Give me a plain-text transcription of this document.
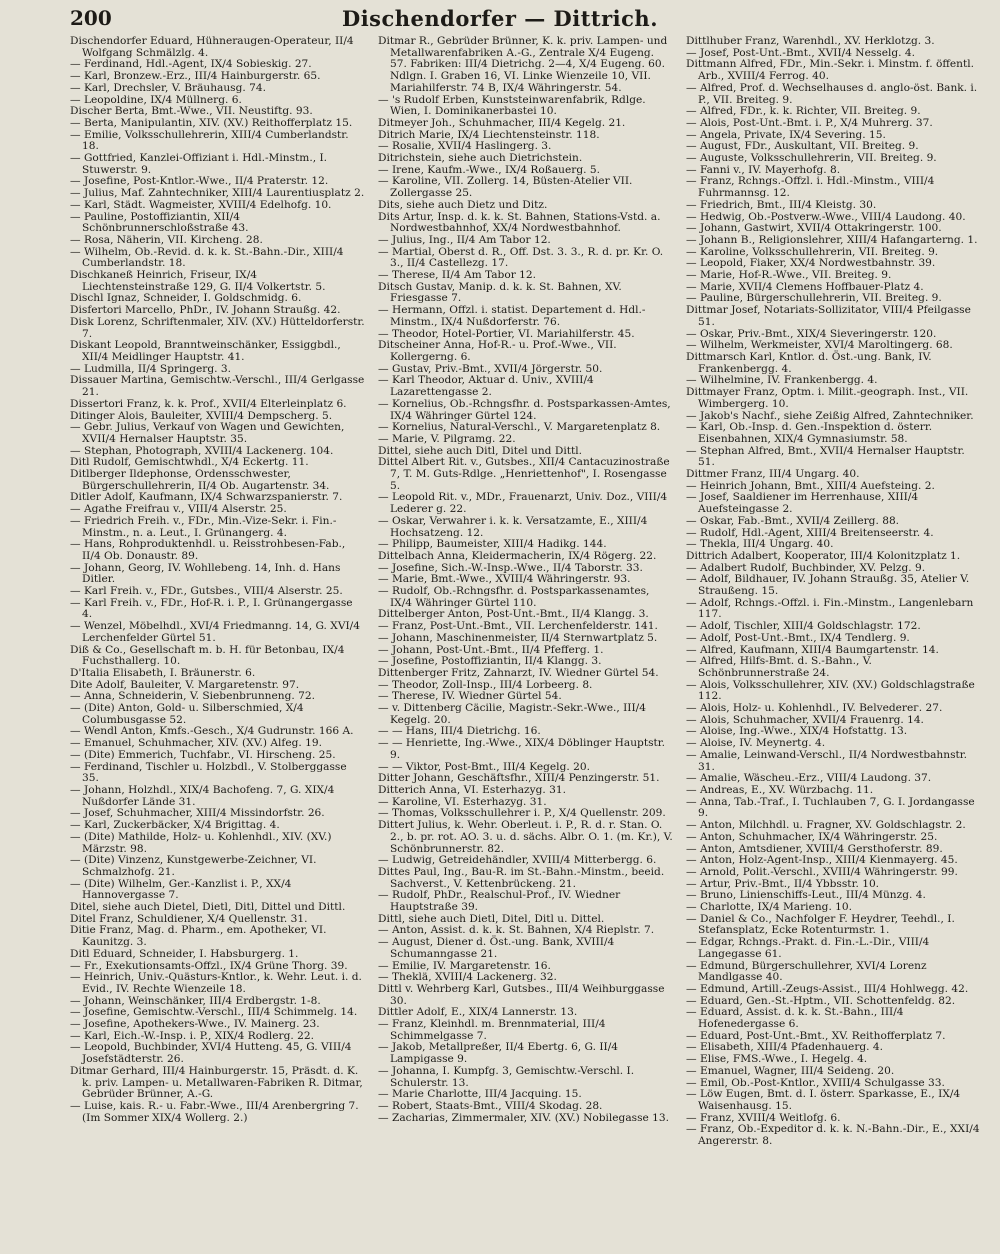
200	Dischendorfer — Dittrich.

Dischendorfer Eduard, Hühneraugen-Operateur, II/4 Wolfgang Schmälzlg. 4.

— Ferdinand, Hdl.-Agent, IX/4 Sobieskig. 27.

— Karl, Bronzew.-Erz., III/4 Hainburgerstr. 65.

— Karl, Drechsler, V. Bräuhausg. 74.

— Leopoldine, IX/4 Müllnerg. 6.

Discher Berta, Bmt.-Wwe., VII. Neustiftg. 93.

— Berta, Manipulantin, XIV. (XV.) Reithofferplatz 15.

— Emilie, Volksschullehrerin, XIII/4 Cumberlandstr. 18.

— Gottfried, Kanzlei-Offiziant i. Hdl.-Minstm., I. Stuwerstr. 9.

— Josefine, Post-Kntlor.-Wwe., II/4 Praterstr. 12.

— Julius, Maf. Zahntechniker, XIII/4 Laurentiusplatz 2.

— Karl, Städt. Wagmeister, XVIII/4 Edelhofg. 10.

— Pauline, Postoffiziantin, XII/4 Schönbrunnerschloßstraße 43.

— Rosa, Näherin, VII. Kircheng. 28.

— Wilhelm, Ob.-Revid. d. k. k. St.-Bahn.-Dir., XIII/4 Cumberlandstr. 18.

Dischkaneß Heinrich, Friseur, IX/4 Liechtensteinstraße 129, G. II/4 Volkertstr. 5.

Dischl Ignaz, Schneider, I. Goldschmidg. 6.

Disfertori Marcello, PhDr., IV. Johann Straußg. 42.

Disk Lorenz, Schriftenmaler, XIV. (XV.) Hütteldorferstr. 7.

Diskant Leopold, Branntweinschänker, Essiggbdl., XII/4 Meidlinger Hauptstr. 41.

— Ludmilla, II/4 Springerg. 3.

Dissauer Martina, Gemischtw.-Verschl., III/4 Gerlgasse 21.

Dissertori Franz, k. k. Prof., XVII/4 Elterleinplatz 6.

Ditinger Alois, Bauleiter, XVIII/4 Dempscherg. 5.

— Gebr. Julius, Verkauf von Wagen und Gewichten, XVII/4 Hernalser Hauptstr. 35.

— Stephan, Photograph, XVIII/4 Lackenerg. 104.

Ditl Rudolf, Gemischtwhdl., X/4 Eckertg. 11.

Ditlberger Ildephonse, Ordensschwester, Bürgerschullehrerin, II/4 Ob. Augartenstr. 34.

Ditler Adolf, Kaufmann, IX/4 Schwarzspanierstr. 7.

— Agathe Freifrau v., VIII/4 Alserstr. 25.

— Friedrich Freih. v., FDr., Min.-Vize-Sekr. i. Fin.-Minstm., n. a. Leut., I. Grünangerg. 4.

— Hans, Rohproduktenhdl. u. Reisstrohbesen-Fab., II/4 Ob. Donaustr. 89.

— Johann, Georg, IV. Wohllebeng. 14, Inh. d. Hans Ditler.

— Karl Freih. v., FDr., Gutsbes., VIII/4 Alserstr. 25.

— Karl Freih. v., FDr., Hof-R. i. P., I. Grünangergasse 4.

— Wenzel, Möbelhdl., XVI/4 Friedmanng. 14, G. XVI/4 Lerchenfelder Gürtel 51.

Diß & Co., Gesellschaft m. b. H. für Betonbau, IX/4 Fuchsthallerg. 10.

D'Italia Elisabeth, I. Bräunerstr. 6.

Dite Adolf, Bauleiter, V. Margaretenstr. 97.

— Anna, Schneiderin, V. Siebenbrunneng. 72.

— (Dite) Anton, Gold- u. Silberschmied, X/4 Columbusgasse 52.

— Wendl Anton, Kmfs.-Gesch., X/4 Gudrunstr. 166 A.

— Emanuel, Schuhmacher, XIV. (XV.) Alfeg. 19.

— (Dite) Emmerich, Tuchfabr., VI. Hirscheng. 25.

— Ferdinand, Tischler u. Holzbdl., V. Stolberggasse 35.

— Johann, Holzhdl., XIX/4 Bachofeng. 7, G. XIX/4 Nußdorfer Lände 31.

— Josef, Schuhmacher, XIII/4 Missindorfstr. 26.

— Karl, Zuckerbäcker, X/4 Brigittag. 4.

— (Dite) Mathilde, Holz- u. Kohlenhdl., XIV. (XV.) Märzstr. 98.

— (Dite) Vinzenz, Kunstgewerbe-Zeichner, VI. Schmalzhofg. 21.

— (Dite) Wilhelm, Ger.-Kanzlist i. P., XX/4 Hannovergasse 7.

Ditel, siehe auch Dietel, Dietl, Ditl, Dittel und Dittl.

Ditel Franz, Schuldiener, X/4 Quellenstr. 31.

Ditie Franz, Mag. d. Pharm., em. Apotheker, VI. Kaunitzg. 3.

Ditl Eduard, Schneider, I. Habsburgerg. 1.

— Fr., Exekutionsamts-Offzl., IX/4 Grüne Thorg. 39.

— Heinrich, Univ.-Quästurs-Kntlor., k. Wehr. Leut. i. d. Evid., IV. Rechte Wienzeile 18.

— Johann, Weinschänker, III/4 Erdbergstr. 1-8.

— Josefine, Gemischtw.-Verschl., III/4 Schimmelg. 14.

— Josefine, Apothekers-Wwe., IV. Mainerg. 23.

— Karl, Eich.-W.-Insp. i. P., XIX/4 Rodlerg. 22.

— Leopold, Buchbinder, XVI/4 Hutteng. 45, G. VIII/4 Josefstädterstr. 26.

Ditmar Gerhard, III/4 Hainburgerstr. 15, Präsdt. d. K. k. priv. Lampen- u. Metallwaren-Fabriken R. Ditmar, Gebrüder Brünner, A.-G.

— Luise, kais. R.- u. Fabr.-Wwe., III/4 Arenbergring 7. (Im Sommer XIX/4 Wollerg. 2.)

Ditmar R., Gebrüder Brünner, K. k. priv. Lampen- und Metallwarenfabriken A.-G., Zentrale X/4 Eugeng. 57. Fabriken: III/4 Dietrichg. 2—4, X/4 Eugeng. 60. Ndlgn. I. Graben 16, VI. Linke Wienzeile 10, VII. Mariahilferstr. 74 B, IX/4 Währingerstr. 54.

— 's Rudolf Erben, Kunststeinwarenfabrik, Rdlge. Wien, I. Dominikanerbastei 10.

Ditmeyer Joh., Schuhmacher, III/4 Kegelg. 21.

Ditrich Marie, IX/4 Liechtensteinstr. 118.

— Rosalie, XVII/4 Haslingerg. 3.

Ditrichstein, siehe auch Dietrichstein.

— Irene, Kaufm.-Wwe., IX/4 Roßauerg. 5.

— Karoline, VII. Zollerg. 14, Büsten-Atelier VII. Zollergasse 25.

Dits, siehe auch Dietz und Ditz.

Dits Artur, Insp. d. k. k. St. Bahnen, Stations-Vstd. a. Nordwestbahnhof, XX/4 Nordwestbahnhof.

— Julius, Ing., II/4 Am Tabor 12.

— Martial, Oberst d. R., Off. Dst. 3. 3., R. d. pr. Kr. O. 3., II/4 Castellezg. 17.

— Therese, II/4 Am Tabor 12.

Ditsch Gustav, Manip. d. k. k. St. Bahnen, XV. Friesgasse 7.

— Hermann, Offzl. i. statist. Departement d. Hdl.-Minstm., IX/4 Nußdorferstr. 76.

— Theodor, Hotel-Portier, VI. Mariahilferstr. 45.

Ditscheiner Anna, Hof-R.- u. Prof.-Wwe., VII. Kollergerng. 6.

— Gustav, Priv.-Bmt., XVII/4 Jörgerstr. 50.

— Karl Theodor, Aktuar d. Univ., XVIII/4 Lazarettengasse 2.

— Kornelius, Ob.-Rchngsfhr. d. Postsparkassen-Amtes, IX/4 Währinger Gürtel 124.

— Kornelius, Natural-Verschl., V. Margaretenplatz 8.

— Marie, V. Pilgramg. 22.

Dittel, siehe auch Ditl, Ditel und Dittl.

Dittel Albert Rit. v., Gutsbes., XII/4 Cantacuzinostraße 7, T. M. Guts-Rdlge. „Henriettenhof", I. Rosengasse 5.

— Leopold Rit. v., MDr., Frauenarzt, Univ. Doz., VIII/4 Lederer g. 22.

— Oskar, Verwahrer i. k. k. Versatzamte, E., XIII/4 Hochsatzeng. 12.

— Philipp, Baumeister, XIII/4 Hadikg. 144.

Dittelbach Anna, Kleidermacherin, IX/4 Rögerg. 22.

— Josefine, Sich.-W.-Insp.-Wwe., II/4 Taborstr. 33.

— Marie, Bmt.-Wwe., XVIII/4 Währingerstr. 93.

— Rudolf, Ob.-Rchngsfhr. d. Postsparkassenamtes, IX/4 Währinger Gürtel 110.

Dittelberger Anton, Post-Unt.-Bmt., II/4 Klangg. 3.

— Franz, Post-Unt.-Bmt., VII. Lerchenfelderstr. 141.

— Johann, Maschinenmeister, II/4 Sternwartplatz 5.

— Johann, Post-Unt.-Bmt., II/4 Pfefferg. 1.

— Josefine, Postoffiziantin, II/4 Klangg. 3.

Dittenberger Fritz, Zahnarzt, IV. Wiedner Gürtel 54.

— Theodor, Zoll-Insp., III/4 Lorbeerg. 8.

— Therese, IV. Wiedner Gürtel 54.

— v. Dittenberg Cäcilie, Magistr.-Sekr.-Wwe., III/4 Kegelg. 20.

— — Hans, III/4 Dietrichg. 16.

— — Henriette, Ing.-Wwe., XIX/4 Döblinger Hauptstr. 9.

— — Viktor, Post-Bmt., III/4 Kegelg. 20.

Ditter Johann, Geschäftsfhr., XIII/4 Penzingerstr. 51.

Ditterich Anna, VI. Esterhazyg. 31.

— Karoline, VI. Esterhazyg. 31.

— Thomas, Volksschullehrer i. P., X/4 Quellenstr. 209.

Dittert Julius, k. Wehr. Oberleut. i. P., R. d. r. Stan. O. 2., b. pr. rot. AO. 3. u. d. sächs. Albr. O. 1. (m. Kr.), V. Schönbrunnerstr. 82.

— Ludwig, Getreidehändler, XVIII/4 Mitterbergg. 6.

Dittes Paul, Ing., Bau-R. im St.-Bahn.-Minstm., beeid. Sachverst., V. Kettenbrückeng. 21.

— Rudolf, PhDr., Realschul-Prof., IV. Wiedner Hauptstraße 39.

Dittl, siehe auch Dietl, Ditel, Ditl u. Dittel.

— Anton, Assist. d. k. k. St. Bahnen, X/4 Rieplstr. 7.

— August, Diener d. Öst.-ung. Bank, XVIII/4 Schumanngasse 21.

— Emilie, IV. Margaretenstr. 16.

— Theklä, XVIII/4 Lackenerg. 32.

Dittl v. Wehrberg Karl, Gutsbes., III/4 Weihburggasse 30.

Dittler Adolf, E., XIX/4 Lannerstr. 13.

— Franz, Kleinhdl. m. Brennmaterial, III/4 Schimmelgasse 7.

— Jakob, Metallpreßer, II/4 Ebertg. 6, G. II/4 Lampigasse 9.

— Johanna, I. Kumpfg. 3, Gemischtw.-Verschl. I. Schulerstr. 13.

— Marie Charlotte, III/4 Jacquing. 15.

— Robert, Staats-Bmt., VIII/4 Skodag. 28.

— Zacharias, Zimmermaler, XIV. (XV.) Nobilegasse 13.

Dittlhuber Franz, Warenhdl., XV. Herklotzg. 3.

— Josef, Post-Unt.-Bmt., XVII/4 Nesselg. 4.

Dittmann Alfred, FDr., Min.-Sekr. i. Minstm. f. öffentl. Arb., XVIII/4 Ferrog. 40.

— Alfred, Prof. d. Wechselhauses d. anglo-öst. Bank. i. P., VII. Breiteg. 9.

— Alfred, FDr., k. k. Richter, VII. Breiteg. 9.

— Alois, Post-Unt.-Bmt. i. P., X/4 Muhrerg. 37.

— Angela, Private, IX/4 Severing. 15.

— August, FDr., Auskultant, VII. Breiteg. 9.

— Auguste, Volksschullehrerin, VII. Breiteg. 9.

— Fanni v., IV. Mayerhofg. 8.

— Franz, Rchngs.-Offzl. i. Hdl.-Minstm., VIII/4 Fuhrmannsg. 12.

— Friedrich, Bmt., III/4 Kleistg. 30.

— Hedwig, Ob.-Postverw.-Wwe., VIII/4 Laudong. 40.

— Johann, Gastwirt, XVII/4 Ottakringerstr. 100.

— Johann B., Religionslehrer, XIII/4 Hafangarterng. 1.

— Karoline, Volksschullehrerin, VII. Breiteg. 9.

— Leopold, Fiaker, XX/4 Nordwestbahnstr. 39.

— Marie, Hof-R.-Wwe., VII. Breiteg. 9.

— Marie, XVII/4 Clemens Hoffbauer-Platz 4.

— Pauline, Bürgerschullehrerin, VII. Breiteg. 9.

Dittmar Josef, Notariats-Sollizitator, VIII/4 Pfeilgasse 51.

— Oskar, Priv.-Bmt., XIX/4 Sieveringerstr. 120.

— Wilhelm, Werkmeister, XVI/4 Maroltingerg. 68.

Dittmarsch Karl, Kntlor. d. Öst.-ung. Bank, IV. Frankenbergg. 4.

— Wilhelmine, IV. Frankenbergg. 4.

Dittmayer Franz, Optm. i. Milit.-geograph. Inst., VII. Wimbergerg. 10.

— Jakob's Nachf., siehe Zeißig Alfred, Zahntechniker.

— Karl, Ob.-Insp. d. Gen.-Inspektion d. österr. Eisenbahnen, XIX/4 Gymnasiumstr. 58.

— Stephan Alfred, Bmt., XVII/4 Hernalser Hauptstr. 51.

Dittmer Franz, III/4 Ungarg. 40.

— Heinrich Johann, Bmt., XIII/4 Auefsteing. 2.

— Josef, Saaldiener im Herrenhause, XIII/4 Auefsteingasse 2.

— Oskar, Fab.-Bmt., XVII/4 Zeillerg. 88.

— Rudolf, Hdl.-Agent, XIII/4 Breitenseerstr. 4.

— Thekla, III/4 Ungarg. 40.

Dittrich Adalbert, Kooperator, III/4 Kolonitzplatz 1.

— Adalbert Rudolf, Buchbinder, XV. Pelzg. 9.

— Adolf, Bildhauer, IV. Johann Straußg. 35, Atelier V. Straußeng. 15.

— Adolf, Rchngs.-Offzl. i. Fin.-Minstm., Langenlebarn 117.

— Adolf, Tischler, XIII/4 Goldschlagstr. 172.

— Adolf, Post-Unt.-Bmt., IX/4 Tendlerg. 9.

— Alfred, Kaufmann, XIII/4 Baumgartenstr. 14.

— Alfred, Hilfs-Bmt. d. S.-Bahn., V. Schönbrunnerstraße 24.

— Alois, Volksschullehrer, XIV. (XV.) Goldschlagstraße 112.

— Alois, Holz- u. Kohlenhdl., IV. Belvederег. 27.

— Alois, Schuhmacher, XVII/4 Frauenrg. 14.

— Aloise, Ing.-Wwe., XIX/4 Hofstattg. 13.

— Aloise, IV. Meynertg. 4.

— Amalie, Leinwand-Verschl., II/4 Nordwestbahnstr. 31.

— Amalie, Wäscheu.-Erz., VIII/4 Laudong. 37.

— Andreas, E., XV. Würzbachg. 11.

— Anna, Tab.-Traf., I. Tuchlauben 7, G. I. Jordangasse 9.

— Anton, Milchhdl. u. Fragner, XV. Goldschlagstr. 2.

— Anton, Schuhmacher, IX/4 Währingerstr. 25.

— Anton, Amtsdiener, XVIII/4 Gersthoferstr. 89.

— Anton, Holz-Agent-Insp., XIII/4 Kienmayerg. 45.

— Arnold, Polit.-Verschl., XVIII/4 Währingerstr. 99.

— Artur, Priv.-Bmt., II/4 Ybbsstr. 10.

— Bruno, Linienschiffs-Leut., III/4 Münzg. 4.

— Charlotte, IX/4 Marieng. 10.

— Daniel & Co., Nachfolger F. Heydrer, Teehdl., I. Stefansplatz, Ecke Rotenturmstr. 1.

— Edgar, Rchngs.-Prakt. d. Fin.-L.-Dir., VIII/4 Langegasse 61.

— Edmund, Bürgerschullehrer, XVI/4 Lorenz Mandlgasse 40.

— Edmund, Artill.-Zeugs-Assist., III/4 Hohlwegg. 42.

— Eduard, Gen.-St.-Hptm., VII. Schottenfeldg. 82.

— Eduard, Assist. d. k. k. St.-Bahn., III/4 Hofenedergasse 6.

— Eduard, Post-Unt.-Bmt., XV. Reithofferplatz 7.

— Elisabeth, XIII/4 Pfadenhauerg. 4.

— Elise, FMS.-Wwe., I. Hegelg. 4.

— Emanuel, Wagner, III/4 Seideng. 20.

— Emil, Ob.-Post-Kntlor., XVIII/4 Schulgasse 33.

— Löw Eugen, Bmt. d. I. österr. Sparkasse, E., IX/4 Waisenhausg. 15.

— Franz, XVIII/4 Weitlofg. 6.

— Franz, Ob.-Expeditor d. k. k. N.-Bahn.-Dir., E., XXI/4 Angererstr. 8.
